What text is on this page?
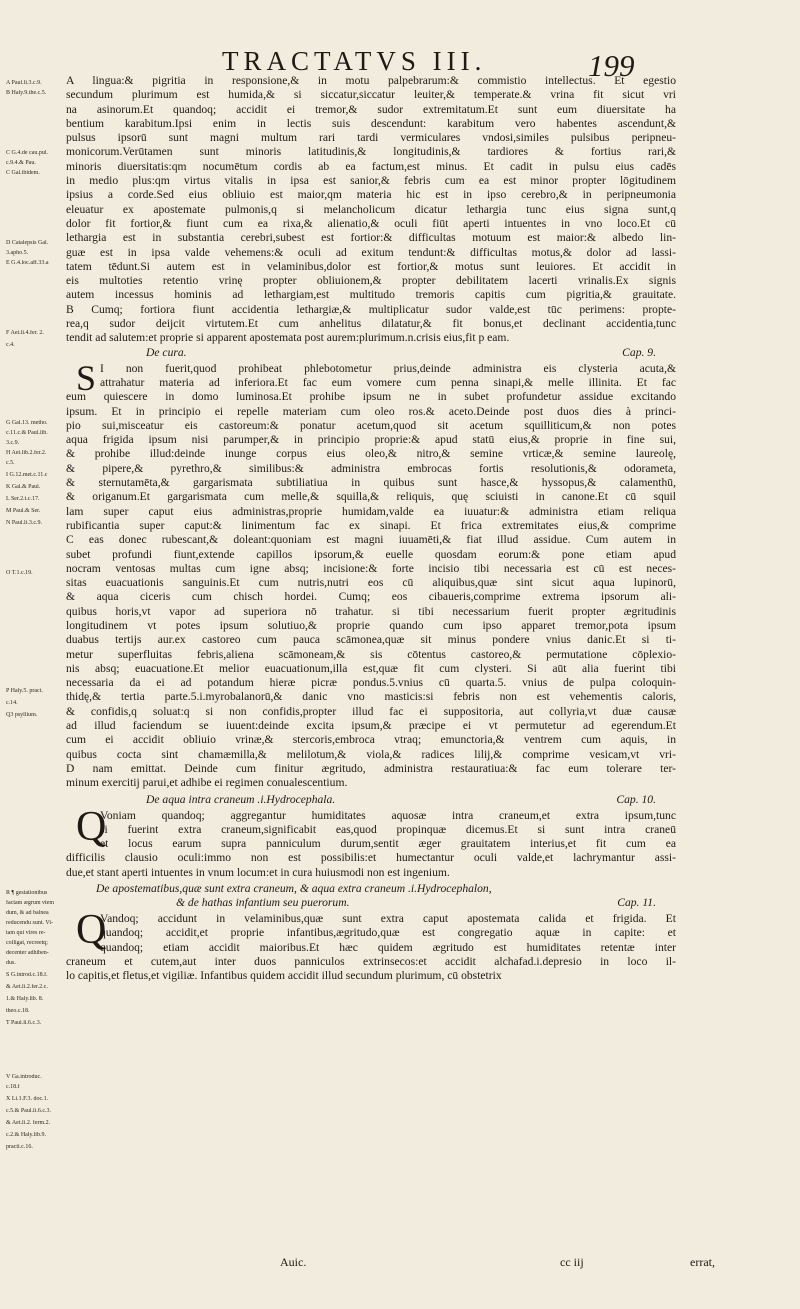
TRACTATVS III.	199
A Paul.li.3.c.9.
B Haly.9.the.c.5.
C G.4.de cau.pul.
c.9.4.& Pau.
C Gal.ibidem.
D Catalepsis Gal.
3.apho.5.
E G.4.loc.aff.33.a
F Aet.li.4.fer. 2.
c.4.
G Gal.13. metho.
c.11.c.& Paul.lib.
3.c.9.
H Aet.lib.2.fer.2.
c.5.
I G.12.met.c.11.c
K Gal.& Paul.
L Ser.2.t.c.17.
M Paul.& Ser.
N Paul.li.3.c.9.
O T.1.c.19.
P Haly.5. pract.
c.14.
Q3 psyllium.
R ¶ gestationibus
factam ægrum vtem
dum, & ad balnea
reducendu sunt. Vi-
tam qui vires re-
colligat, recreetq;
decenter adhiben-
dus.
S G.introd.c.18.f.
& Aet.li.2.fer.2.c.
1.& Haly.lib. 8.
theo.c.18.
T Paul.li.6.c.3.
V Ga.introduc.
c.18.f
X Li.1.F.3. doc.1.
c.5.& Paul.li.6.c.3.
& Aet.li.2. ferm.2.
c.2.& Haly.lib.9.
practi.c.16.
A lingua:& pigritia in responsione,& in motu palpebrarum:& commistio intellectus. Et egestio
secundum plurimum est humida,& si siccatur,siccatur leuiter,& temperate.& vrina fit sicut vri
na asinorum.Et quandoq; accidit ei tremor,& sudor extremitatum.Et sunt eum diuersitate ha
bentium karabitum.Ipsi enim in lectis suis descendunt: karabitum vero habentes ascendunt,&
pulsus ipsorū sunt magni multum rari tardi vermiculares vndosi,similes pulsibus peripneu-
monicorum.Verūtamen sunt minoris latitudinis,& longitudinis,& tardiores & fortius rari,&
minoris diuersitatis:qm nocumētum cordis ab ea factum,est minus. Et cadit in pulsu eius cadēs
in medio plus:qm virtus vitalis in ipsa est sanior,& febris cum ea est minor propter lōgitudinem
ipsius a corde.Sed eius obliuio est maior,qm materia hic est in ipso cerebro,& in peripneumonia
eleuatur ex apostemate pulmonis,q si melancholicum dicatur lethargia tunc eius signa sunt,q
dolor fit fortior,& fiunt cum ea rixa,& alienatio,& oculi fiūt aperti intuentes in vno loco.Et cū
lethargia est in substantia cerebri,subest est fortior:& difficultas motuum est maior:& albedo lin-
guæ est in ipsa valde vehemens:& oculi ad exitum tendunt:& difficultas motus,& dolor ad lassi-
tatem tēdunt.Si autem est in velaminibus,dolor est fortior,& motus sunt leuiores. Et accidit in
eis multoties retentio vrinę propter obliuionem,& propter debilitatem lacerti vrinalis.Ex signis
autem incessus hominis ad lethargiam,est multitudo tremoris capitis cum pigritia,& grauitate.
B Cumq; fortiora fiunt accidentia lethargiæ,& multiplicatur sudor valde,est tūc perimens: propte-
rea,q sudor deijcit virtutem.Et cum anhelitus dilatatur,& fit bonus,et declinant accidentia,tunc
tendit ad salutem:et proprie si apparent apostemata post aurem:plurimum.n.crisis eius,fit p eam.
De cura.	Cap. 9.
S I non fuerit,quod prohibeat phlebotometur prius,deinde administra eis clysteria acuta,&
attrahatur materia ad inferiora.Et fac eum vomere cum penna sinapi,& melle illinita. Et fac
eum quiescere in domo luminosa.Et prohibe ipsum ne in subet profundetur assidue excitando
ipsum. Et in principio ei repelle materiam cum oleo ros.& aceto.Deinde post duos dies à princi-
pio sui,misceatur eis castoreum:& ponatur acetum,quod sit acetum squilliticum,& non potes
aqua frigida ipsum nisi parumper,& in principio proprie:& apud statū eius,& proprie in fine sui,
& prohibe illud:deinde inunge corpus eius oleo,& nitro,& semine vrticæ,& semine laureolę,
& pipere,& pyrethro,& similibus:& administra embrocas fortis resolutionis,& odorameta,
& sternutamēta,& gargarismata subtiliatiua in quibus sunt hasce,& hyssopus,& calamenthū,
& origanum.Et gargarismata cum melle,& squilla,& reliquis, quę sciuisti in canone.Et cū squil
lam super caput eius administras,proprie humidam,valde ea iuuatur:& administra etiam reliqua
rubificantia super caput:& linimentum fac ex sinapi. Et frica extremitates eius,& comprime
C eas donec rubescant,& doleant:quoniam est magni iuuamēti,& fiat illud assidue. Cum autem in
subet profundi fiunt,extende capillos ipsorum,& euelle quosdam eorum:& pone etiam apud
nocram ventosas multas cum igne absq; incisione:& forte incisio tibi necessaria est cū est neces-
sitas euacuationis sanguinis.Et cum nutris,nutri eos cū aliquibus,quæ sint sicut aqua lupinorū,
& aqua ciceris cum chisch hordei. Cumq; eos cibaueris,comprime extrema ipsorum ali-
quibus horis,vt vapor ad superiora nō trahatur. si tibi necessarium fuerit propter ægritudinis
longitudinem vt potes ipsum solutiuo,& proprie quando cum ipso apparet tremor,pota ipsum
duabus tertijs aur.ex castoreo cum pauca scāmonea,quæ sit minus pondere vnius danic.Et si ti-
metur superfluitas febris,aliena scāmoneam,& sis cōtentus castoreo,& permutatione cōplexio-
nis absq; euacuatione.Et melior euacuationum,illa est,quæ fit cum clysteri. Si aūt alia fuerint tibi
necessaria da ei ad potandum hieræ picræ pondus.5.vnius cū quarta.5. vnius de pulpa coloquin-
thidę,& tertia parte.5.i.myrobalanorū,& danic vno masticis:si febris non est vehementis caloris,
& confidis,q soluat:q si non confidis,propter illud fac ei suppositoria, aut collyria,vt duæ causæ
ad illud faciendum se iuuent:deinde excita ipsum,& præcipe ei vt permutetur ad egerendum.Et
cum ei accidit obliuio vrinæ,& stercoris,embroca vtraq; emunctoria,& ventrem cum aquis, in
quibus cocta sint chamæmilla,& melilotum,& viola,& radices lilij,& comprime vesicam,vt vri-
D nam emittat. Deinde cum finitur ægritudo, administra restauratiua:& fac eum tolerare ter-
minum exercitij parui,et adhibe ei regimen conualescentium.
De aqua intra craneum .i.Hydrocephala.	Cap. 10.
Q
Voniam quandoq; aggregantur humiditates aquosæ intra craneum,et extra ipsum,tunc
si fuerint extra craneum,significabit eas,quod propinquæ dicemus.Et si sunt intra craneū
et locus earum supra panniculum durum,sentit æger grauitatem interius,et fit cum ea
difficilis clausio oculi:immo non est possibilis:et humectantur oculi valde,et lachrymantur assi-
due,et stant aperti intuentes in vnum locum:et in cura huiusmodi non est ingenium.
De apostematibus,quæ sunt extra craneum, & aqua extra craneum .i.Hydrocephalon,
& de hathas infantium seu puerorum.	Cap. 11.
Q
Vandoq; accidunt in velaminibus,quæ sunt extra caput apostemata calida et frigida. Et
quandoq; accidit,et proprie infantibus,ægritudo,quæ est congregatio aquæ in capite: et
quandoq; etiam accidit maioribus.Et hæc quidem ægritudo est humiditates retentæ inter
craneum et cutem,aut inter duos panniculos extrinsecos:et accidit alchafad.i.depresio in loco il-
lo capitis,et fletus,et vigiliæ. Infantibus quidem accidit illud secundum plurimum, cū obstetrix
Auic.	cc iij	errat,
